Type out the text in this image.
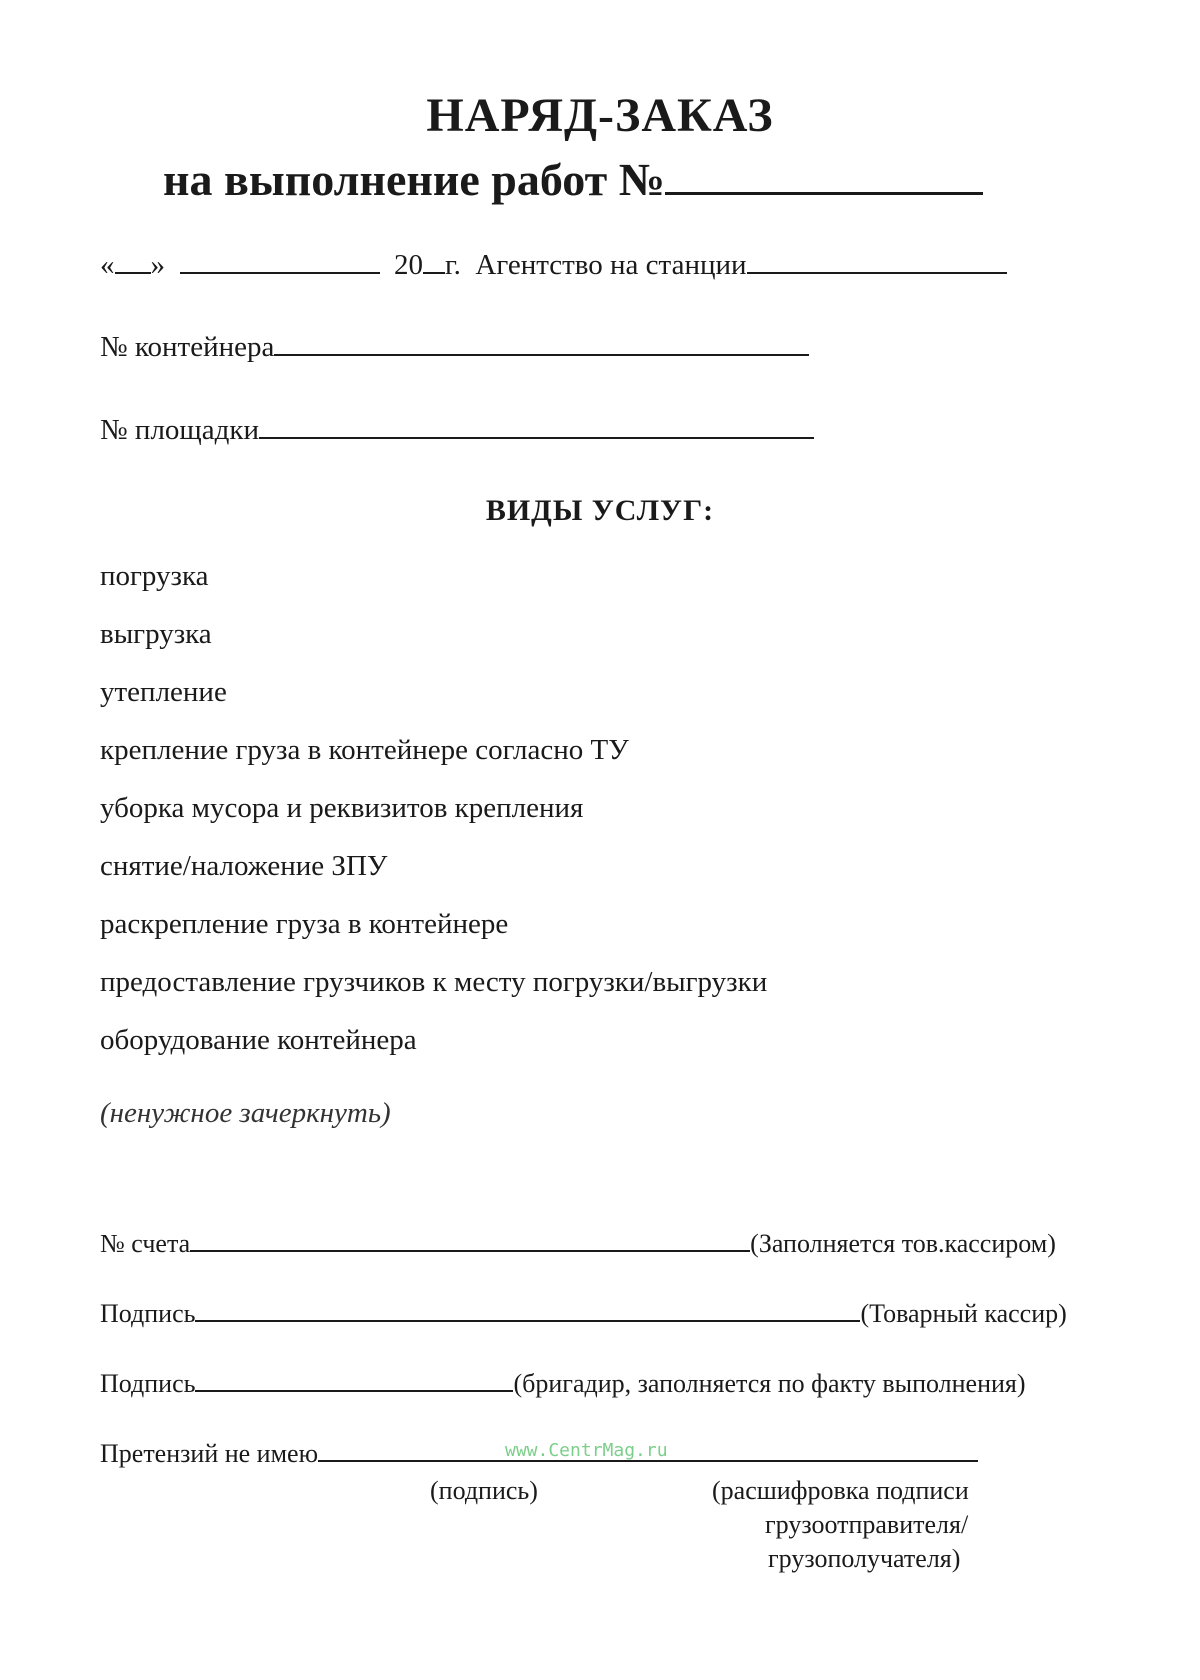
НАРЯД-ЗАКАЗ
на выполнение работ №
« »	20 г. Агентство на станции
№ контейнера
№ площадки
ВИДЫ УСЛУГ:
погрузка
выгрузка
утепление
крепление груза в контейнере согласно ТУ
уборка мусора и реквизитов крепления
снятие/наложение ЗПУ
раскрепление груза в контейнере
предоставление грузчиков к месту погрузки/выгрузки
оборудование контейнера
(ненужное зачеркнуть)
№ счета	(Заполняется тов.кассиром)
Подпись	(Товарный кассир)
Подпись	(бригадир, заполняется по факту выполнения)
Претензий не имею	www.CentrMag.ru
(подпись)	(расшифровка подписи
грузоотправителя/
грузополучателя)
